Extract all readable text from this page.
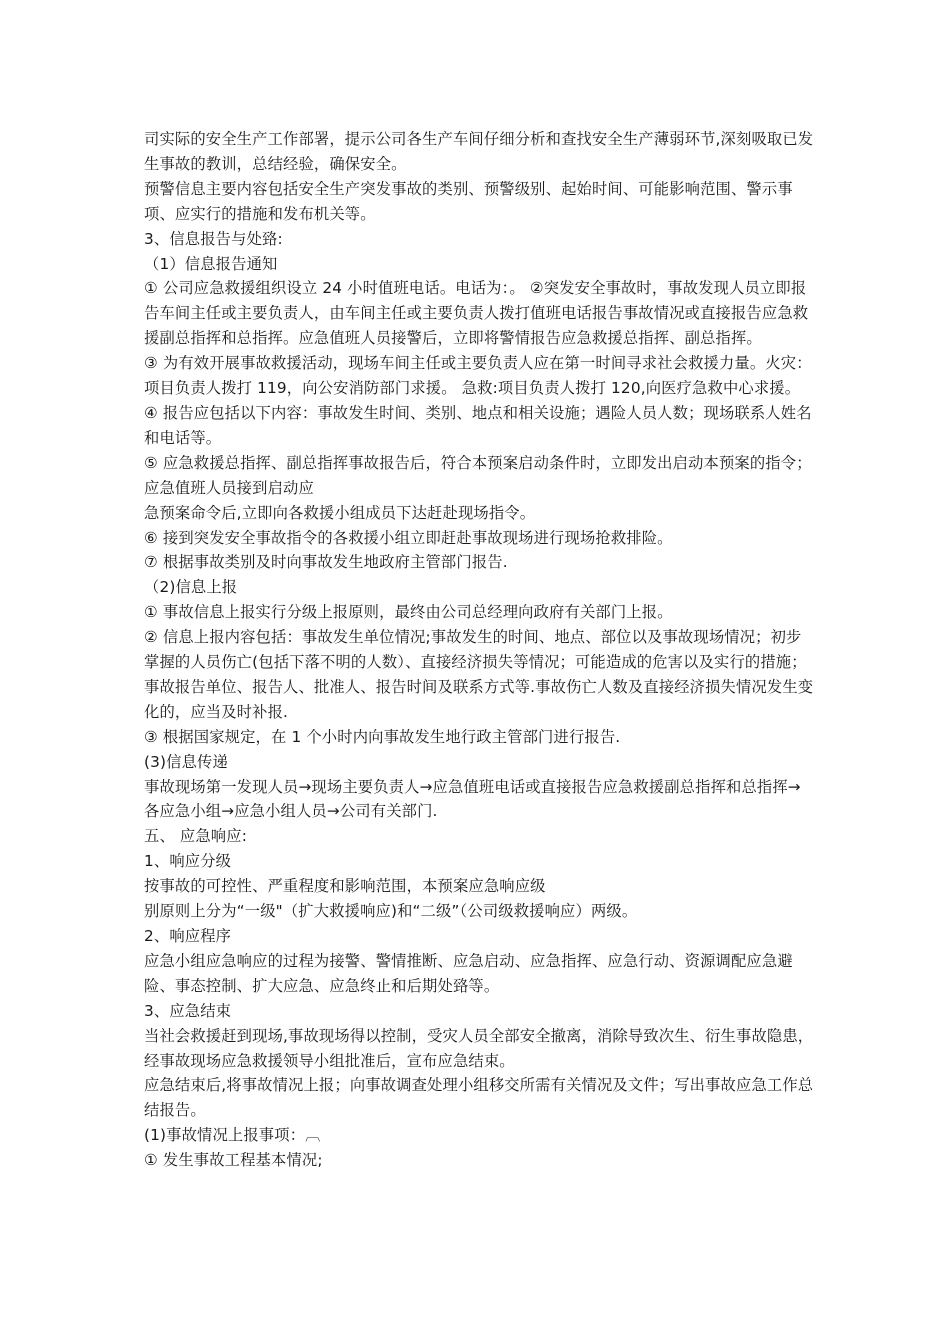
司实际的安全生产工作部署，提示公司各生产车间仔细分析和查找安全生产薄弱环节,深刻吸取已发生事故的教训，总结经验，确保安全。

预警信息主要内容包括安全生产突发事故的类别、预警级别、起始时间、可能影响范围、警示事项、应实行的措施和发布机关等。

3、信息报告与处臵:

（1）信息报告通知

① 公司应急救援组织设立 24 小时值班电话。电话为：。 ②突发安全事故时，事故发现人员立即报告车间主任或主要负责人，由车间主任或主要负责人拨打值班电话报告事故情况或直接报告应急救援副总指挥和总指挥。应急值班人员接警后，立即将警情报告应急救援总指挥、副总指挥。

③ 为有效开展事故救援活动，现场车间主任或主要负责人应在第一时间寻求社会救援力量。火灾：项目负责人拨打 119，向公安消防部门求援。 急救:项目负责人拨打 120,向医疗急救中心求援。

④ 报告应包括以下内容：事故发生时间、类别、地点和相关设施；遇险人员人数；现场联系人姓名和电话等。

⑤ 应急救援总指挥、副总指挥事故报告后，符合本预案启动条件时，立即发出启动本预案的指令；应急值班人员接到启动应

急预案命令后,立即向各救援小组成员下达赶赴现场指令。

⑥ 接到突发安全事故指令的各救援小组立即赶赴事故现场进行现场抢救排险。

⑦ 根据事故类别及时向事故发生地政府主管部门报告.

（2)信息上报

① 事故信息上报实行分级上报原则，最终由公司总经理向政府有关部门上报。

② 信息上报内容包括：事故发生单位情况;事故发生的时间、地点、部位以及事故现场情况；初步掌握的人员伤亡(包括下落不明的人数）、直接经济损失等情况；可能造成的危害以及实行的措施；事故报告单位、报告人、批准人、报告时间及联系方式等.事故伤亡人数及直接经济损失情况发生变化的，应当及时补报.

③ 根据国家规定，在 1 个小时内向事故发生地行政主管部门进行报告.

(3)信息传递

事故现场第一发现人员→现场主要负责人→应急值班电话或直接报告应急救援副总指挥和总指挥→各应急小组→应急小组人员→公司有关部门.

五、 应急响应:

1、响应分级

按事故的可控性、严重程度和影响范围，本预案应急响应级

别原则上分为“一级"（扩大救援响应)和“二级”（公司级救援响应）两级。

2、响应程序

应急小组应急响应的过程为接警、警情推断、应急启动、应急指挥、应急行动、资源调配应急避险、事态控制、扩大应急、应急终止和后期处臵等。

3、应急结束

当社会救援赶到现场,事故现场得以控制，受灾人员全部安全撤离，消除导致次生、衍生事故隐患，经事故现场应急救援领导小组批准后，宣布应急结束。

应急结束后,将事故情况上报；向事故调查处理小组移交所需有关情况及文件；写出事故应急工作总结报告。

(1)事故情况上报事项：︹

① 发生事故工程基本情况;
